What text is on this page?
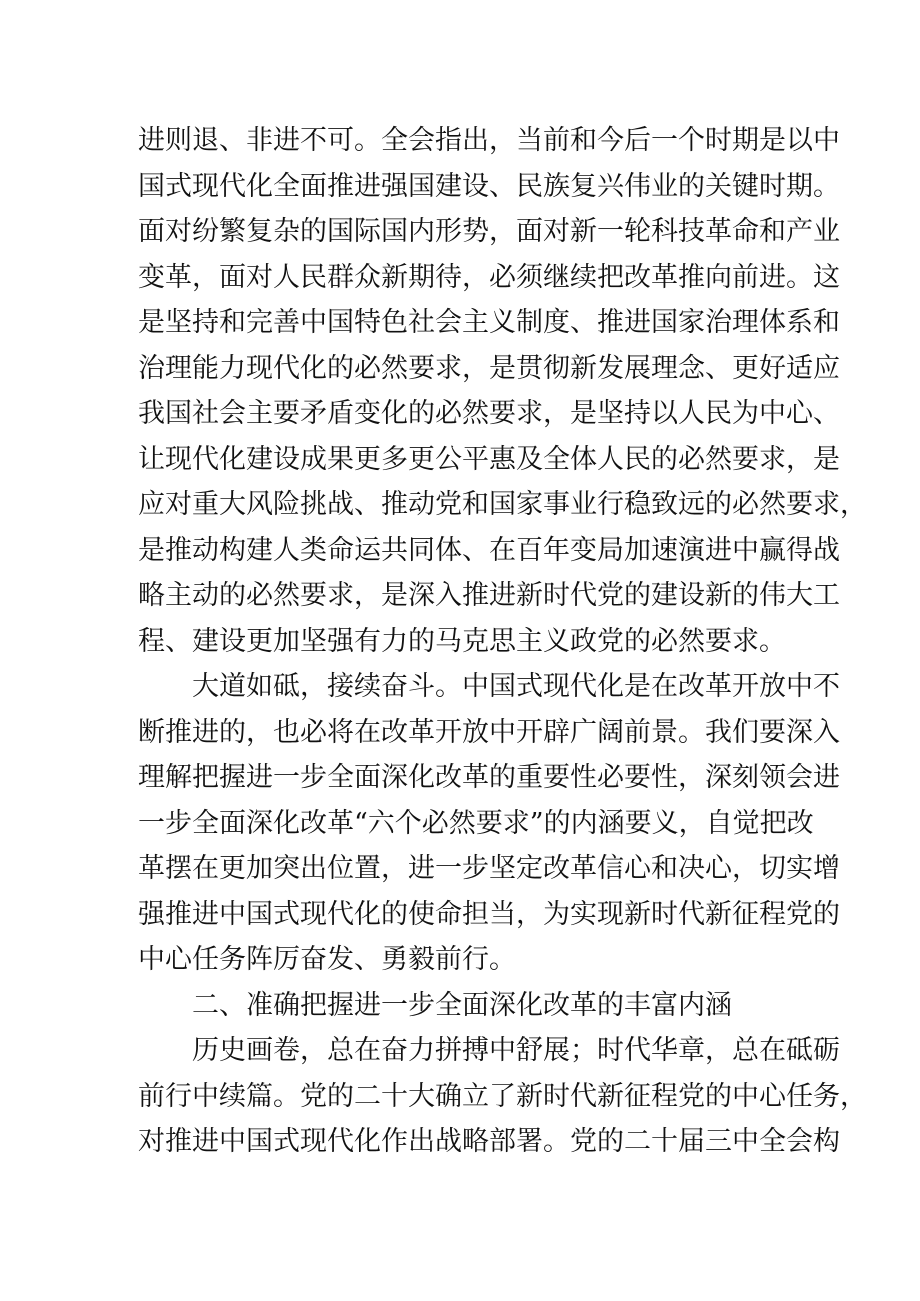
进则退、非进不可。全会指出，当前和今后一个时期是以中
国式现代化全面推进强国建设、民族复兴伟业的关键时期。
面对纷繁复杂的国际国内形势，面对新一轮科技革命和产业
变革，面对人民群众新期待，必须继续把改革推向前进。这
是坚持和完善中国特色社会主义制度、推进国家治理体系和
治理能力现代化的必然要求，是贯彻新发展理念、更好适应
我国社会主要矛盾变化的必然要求，是坚持以人民为中心、
让现代化建设成果更多更公平惠及全体人民的必然要求，是
应对重大风险挑战、推动党和国家事业行稳致远的必然要求，
是推动构建人类命运共同体、在百年变局加速演进中赢得战
略主动的必然要求，是深入推进新时代党的建设新的伟大工
程、建设更加坚强有力的马克思主义政党的必然要求。
大道如砥，接续奋斗。中国式现代化是在改革开放中不
断推进的，也必将在改革开放中开辟广阔前景。我们要深入
理解把握进一步全面深化改革的重要性必要性，深刻领会进
一步全面深化改革“六个必然要求”的内涵要义，自觉把改
革摆在更加突出位置，进一步坚定改革信心和决心，切实增
强推进中国式现代化的使命担当，为实现新时代新征程党的
中心任务阵厉奋发、勇毅前行。
二、准确把握进一步全面深化改革的丰富内涵
历史画卷，总在奋力拼搏中舒展；时代华章，总在砥砺
前行中续篇。党的二十大确立了新时代新征程党的中心任务，
对推进中国式现代化作出战略部署。党的二十届三中全会构
